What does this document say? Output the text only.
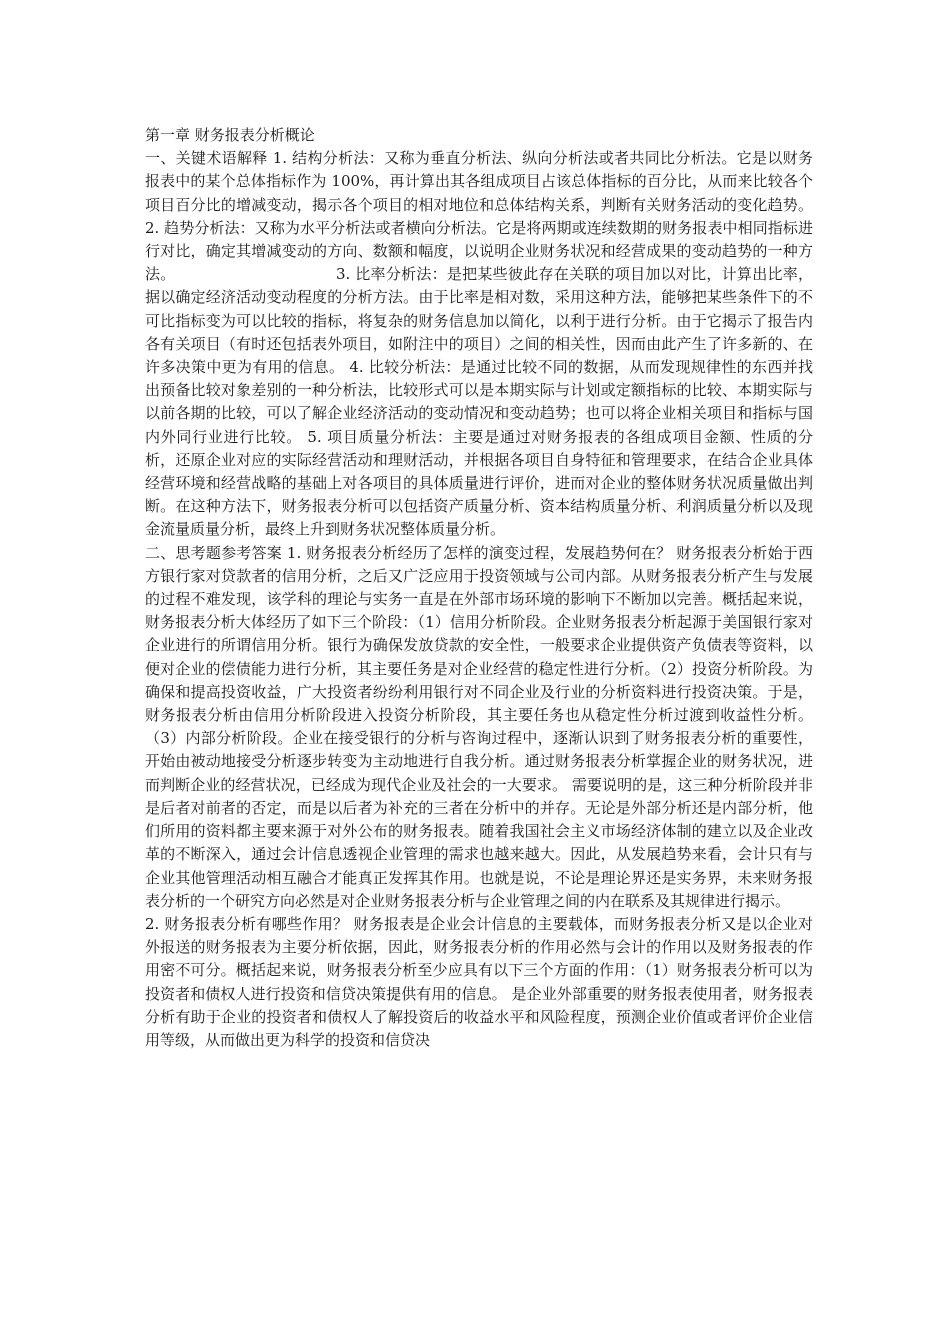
第一章 财务报表分析概论

一、关键术语解释 1. 结构分析法：又称为垂直分析法、纵向分析法或者共同比分析法。它是以财务报表中的某个总体指标作为 100%，再计算出其各组成项目占该总体指标的百分比，从而来比较各个项目百分比的增减变动，揭示各个项目的相对地位和总体结构关系，判断有关财务活动的变化趋势。 2. 趋势分析法：又称为水平分析法或者横向分析法。它是将两期或连续数期的财务报表中相同指标进行对比，确定其增减变动的方向、数额和幅度，以说明企业财务状况和经营成果的变动趋势的一种方法。　　　　　　　　　　　3. 比率分析法：是把某些彼此存在关联的项目加以对比，计算出比率，据以确定经济活动变动程度的分析方法。由于比率是相对数，采用这种方法，能够把某些条件下的不可比指标变为可以比较的指标，将复杂的财务信息加以简化，以利于进行分析。由于它揭示了报告内各有关项目（有时还包括表外项目，如附注中的项目）之间的相关性，因而由此产生了许多新的、在许多决策中更为有用的信息。 4. 比较分析法：是通过比较不同的数据，从而发现规律性的东西并找出预备比较对象差别的一种分析法，比较形式可以是本期实际与计划或定额指标的比较、本期实际与以前各期的比较，可以了解企业经济活动的变动情况和变动趋势；也可以将企业相关项目和指标与国内外同行业进行比较。 5. 项目质量分析法：主要是通过对财务报表的各组成项目金额、性质的分析，还原企业对应的实际经营活动和理财活动，并根据各项目自身特征和管理要求，在结合企业具体经营环境和经营战略的基础上对各项目的具体质量进行评价，进而对企业的整体财务状况质量做出判断。在这种方法下，财务报表分析可以包括资产质量分析、资本结构质量分析、利润质量分析以及现金流量质量分析，最终上升到财务状况整体质量分析。

二、思考题参考答案 1. 财务报表分析经历了怎样的演变过程，发展趋势何在？ 财务报表分析始于西方银行家对贷款者的信用分析，之后又广泛应用于投资领域与公司内部。从财务报表分析产生与发展的过程不难发现，该学科的理论与实务一直是在外部市场环境的影响下不断加以完善。概括起来说，财务报表分析大体经历了如下三个阶段：（1）信用分析阶段。企业财务报表分析起源于美国银行家对企业进行的所谓信用分析。银行为确保发放贷款的安全性，一般要求企业提供资产负债表等资料，以便对企业的偿债能力进行分析，其主要任务是对企业经营的稳定性进行分析。（2）投资分析阶段。为确保和提高投资收益，广大投资者纷纷利用银行对不同企业及行业的分析资料进行投资决策。于是，财务报表分析由信用分析阶段进入投资分析阶段，其主要任务也从稳定性分析过渡到收益性分析。（3）内部分析阶段。企业在接受银行的分析与咨询过程中，逐渐认识到了财务报表分析的重要性，开始由被动地接受分析逐步转变为主动地进行自我分析。通过财务报表分析掌握企业的财务状况，进而判断企业的经营状况，已经成为现代企业及社会的一大要求。 需要说明的是，这三种分析阶段并非是后者对前者的否定，而是以后者为补充的三者在分析中的并存。无论是外部分析还是内部分析，他们所用的资料都主要来源于对外公布的财务报表。随着我国社会主义市场经济体制的建立以及企业改革的不断深入，通过会计信息透视企业管理的需求也越来越大。因此，从发展趋势来看，会计只有与企业其他管理活动相互融合才能真正发挥其作用。也就是说，不论是理论界还是实务界，未来财务报表分析的一个研究方向必然是对企业财务报表分析与企业管理之间的内在联系及其规律进行揭示。

2. 财务报表分析有哪些作用？ 财务报表是企业会计信息的主要载体，而财务报表分析又是以企业对外报送的财务报表为主要分析依据，因此，财务报表分析的作用必然与会计的作用以及财务报表的作用密不可分。概括起来说，财务报表分析至少应具有以下三个方面的作用：（1）财务报表分析可以为投资者和债权人进行投资和信贷决策提供有用的信息。 是企业外部重要的财务报表使用者，财务报表分析有助于企业的投资者和债权人了解投资后的收益水平和风险程度，预测企业价值或者评价企业信用等级，从而做出更为科学的投资和信贷决
